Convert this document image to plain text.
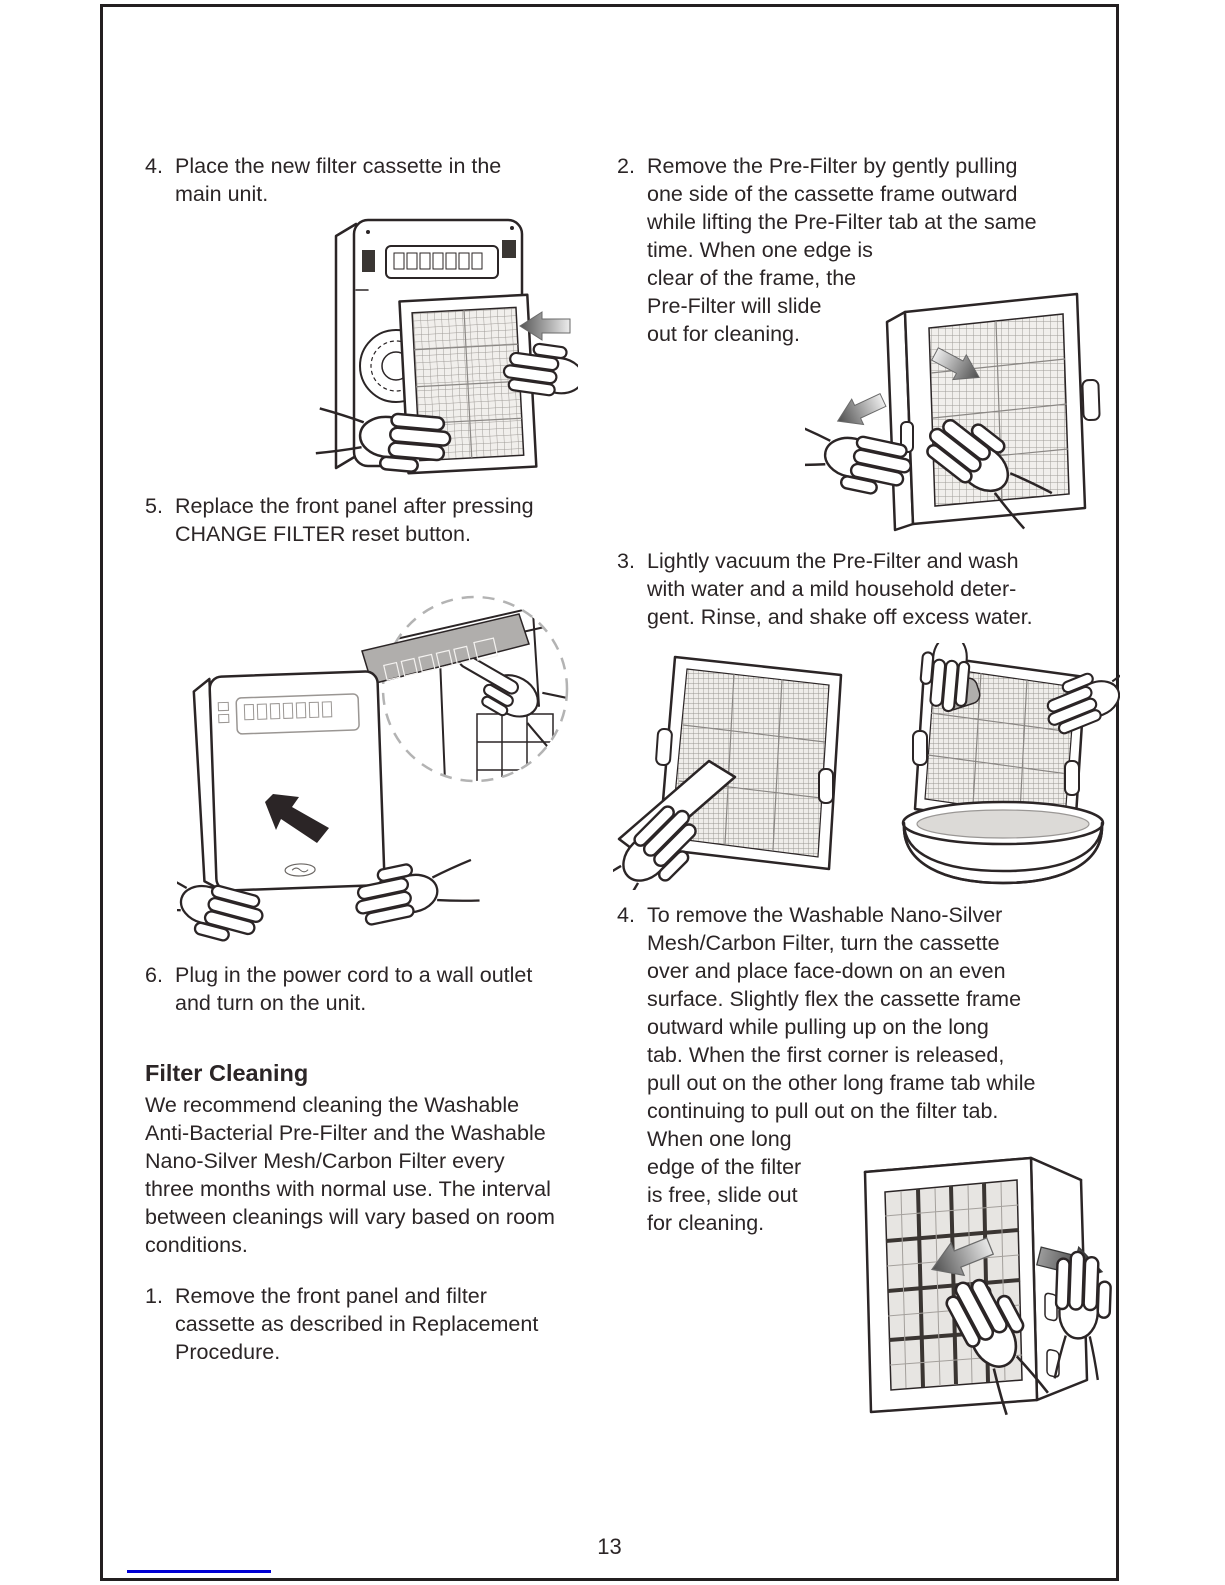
4. Place the new filter cassette in the
main unit.
5. Replace the front panel after pressing
CHANGE FILTER reset button.
6. Plug in the power cord to a wall outlet
and turn on the unit.
Filter Cleaning
We recommend cleaning the Washable
Anti-Bacterial Pre-Filter and the Washable
Nano-Silver Mesh/Carbon Filter every
three months with normal use. The interval
between cleanings will vary based on room
conditions.
1. Remove the front panel and filter
cassette as described in Replacement
Procedure.
2. Remove the Pre-Filter by gently pulling
one side of the cassette frame outward
while lifting the Pre-Filter tab at the same
time. When one edge is
clear of the frame, the
Pre-Filter will slide
out for cleaning.
3. Lightly vacuum the Pre-Filter and wash
with water and a mild household deter-
gent. Rinse, and shake off excess water.
4. To remove the Washable Nano-Silver
Mesh/Carbon Filter, turn the cassette
over and place face-down on an even
surface. Slightly flex the cassette frame
outward while pulling up on the long
tab. When the first corner is released,
pull out on the other long frame tab while
continuing to pull out on the filter tab.
When one long
edge of the filter
is free, slide out
for cleaning.
13
